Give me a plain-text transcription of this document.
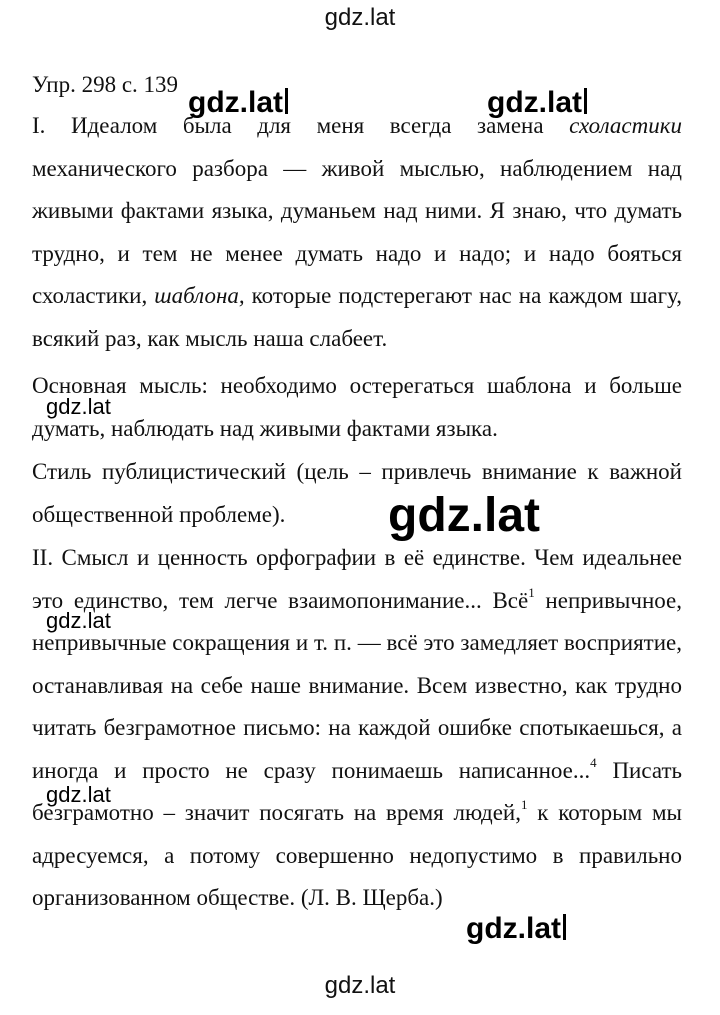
gdz.lat
Упр. 298 с. 139

I. Идеалом была для меня всегда замена схоластики механического разбора — живой мыслью, наблюдением над живыми фактами языка, думаньем над ними. Я знаю, что думать трудно, и тем не менее думать надо и надо; и надо бояться схоластики, шаблона, которые подстерегают нас на каждом шагу, всякий раз, как мысль наша слабеет.

Основная мысль: необходимо остерегаться шаблона и больше думать, наблюдать над живыми фактами языка.

Стиль публицистический (цель – привлечь внимание к важной общественной проблеме).

II. Смысл и ценность орфографии в её единстве. Чем идеальнее это единство, тем легче взаимопонимание... Всё$^1$ непривычное, непривычные сокращения и т. п. — всё это замедляет восприятие, останавливая на себе наше внимание. Всем известно, как трудно читать безграмотное письмо: на каждой ошибке спотыкаешься, а иногда и просто не сразу понимаешь написанное...$^4$ Писать безграмотно – значит посягать на время людей,$^1$ к которым мы адресуемся, а потому совершенно недопустимо в правильно организованном обществе. (Л. В. Щерба.)

gdz.lat	gdz.lat
gdz.lat
gdz.lat
gdz.lat
gdz.lat
gdz.lat
gdz.lat
